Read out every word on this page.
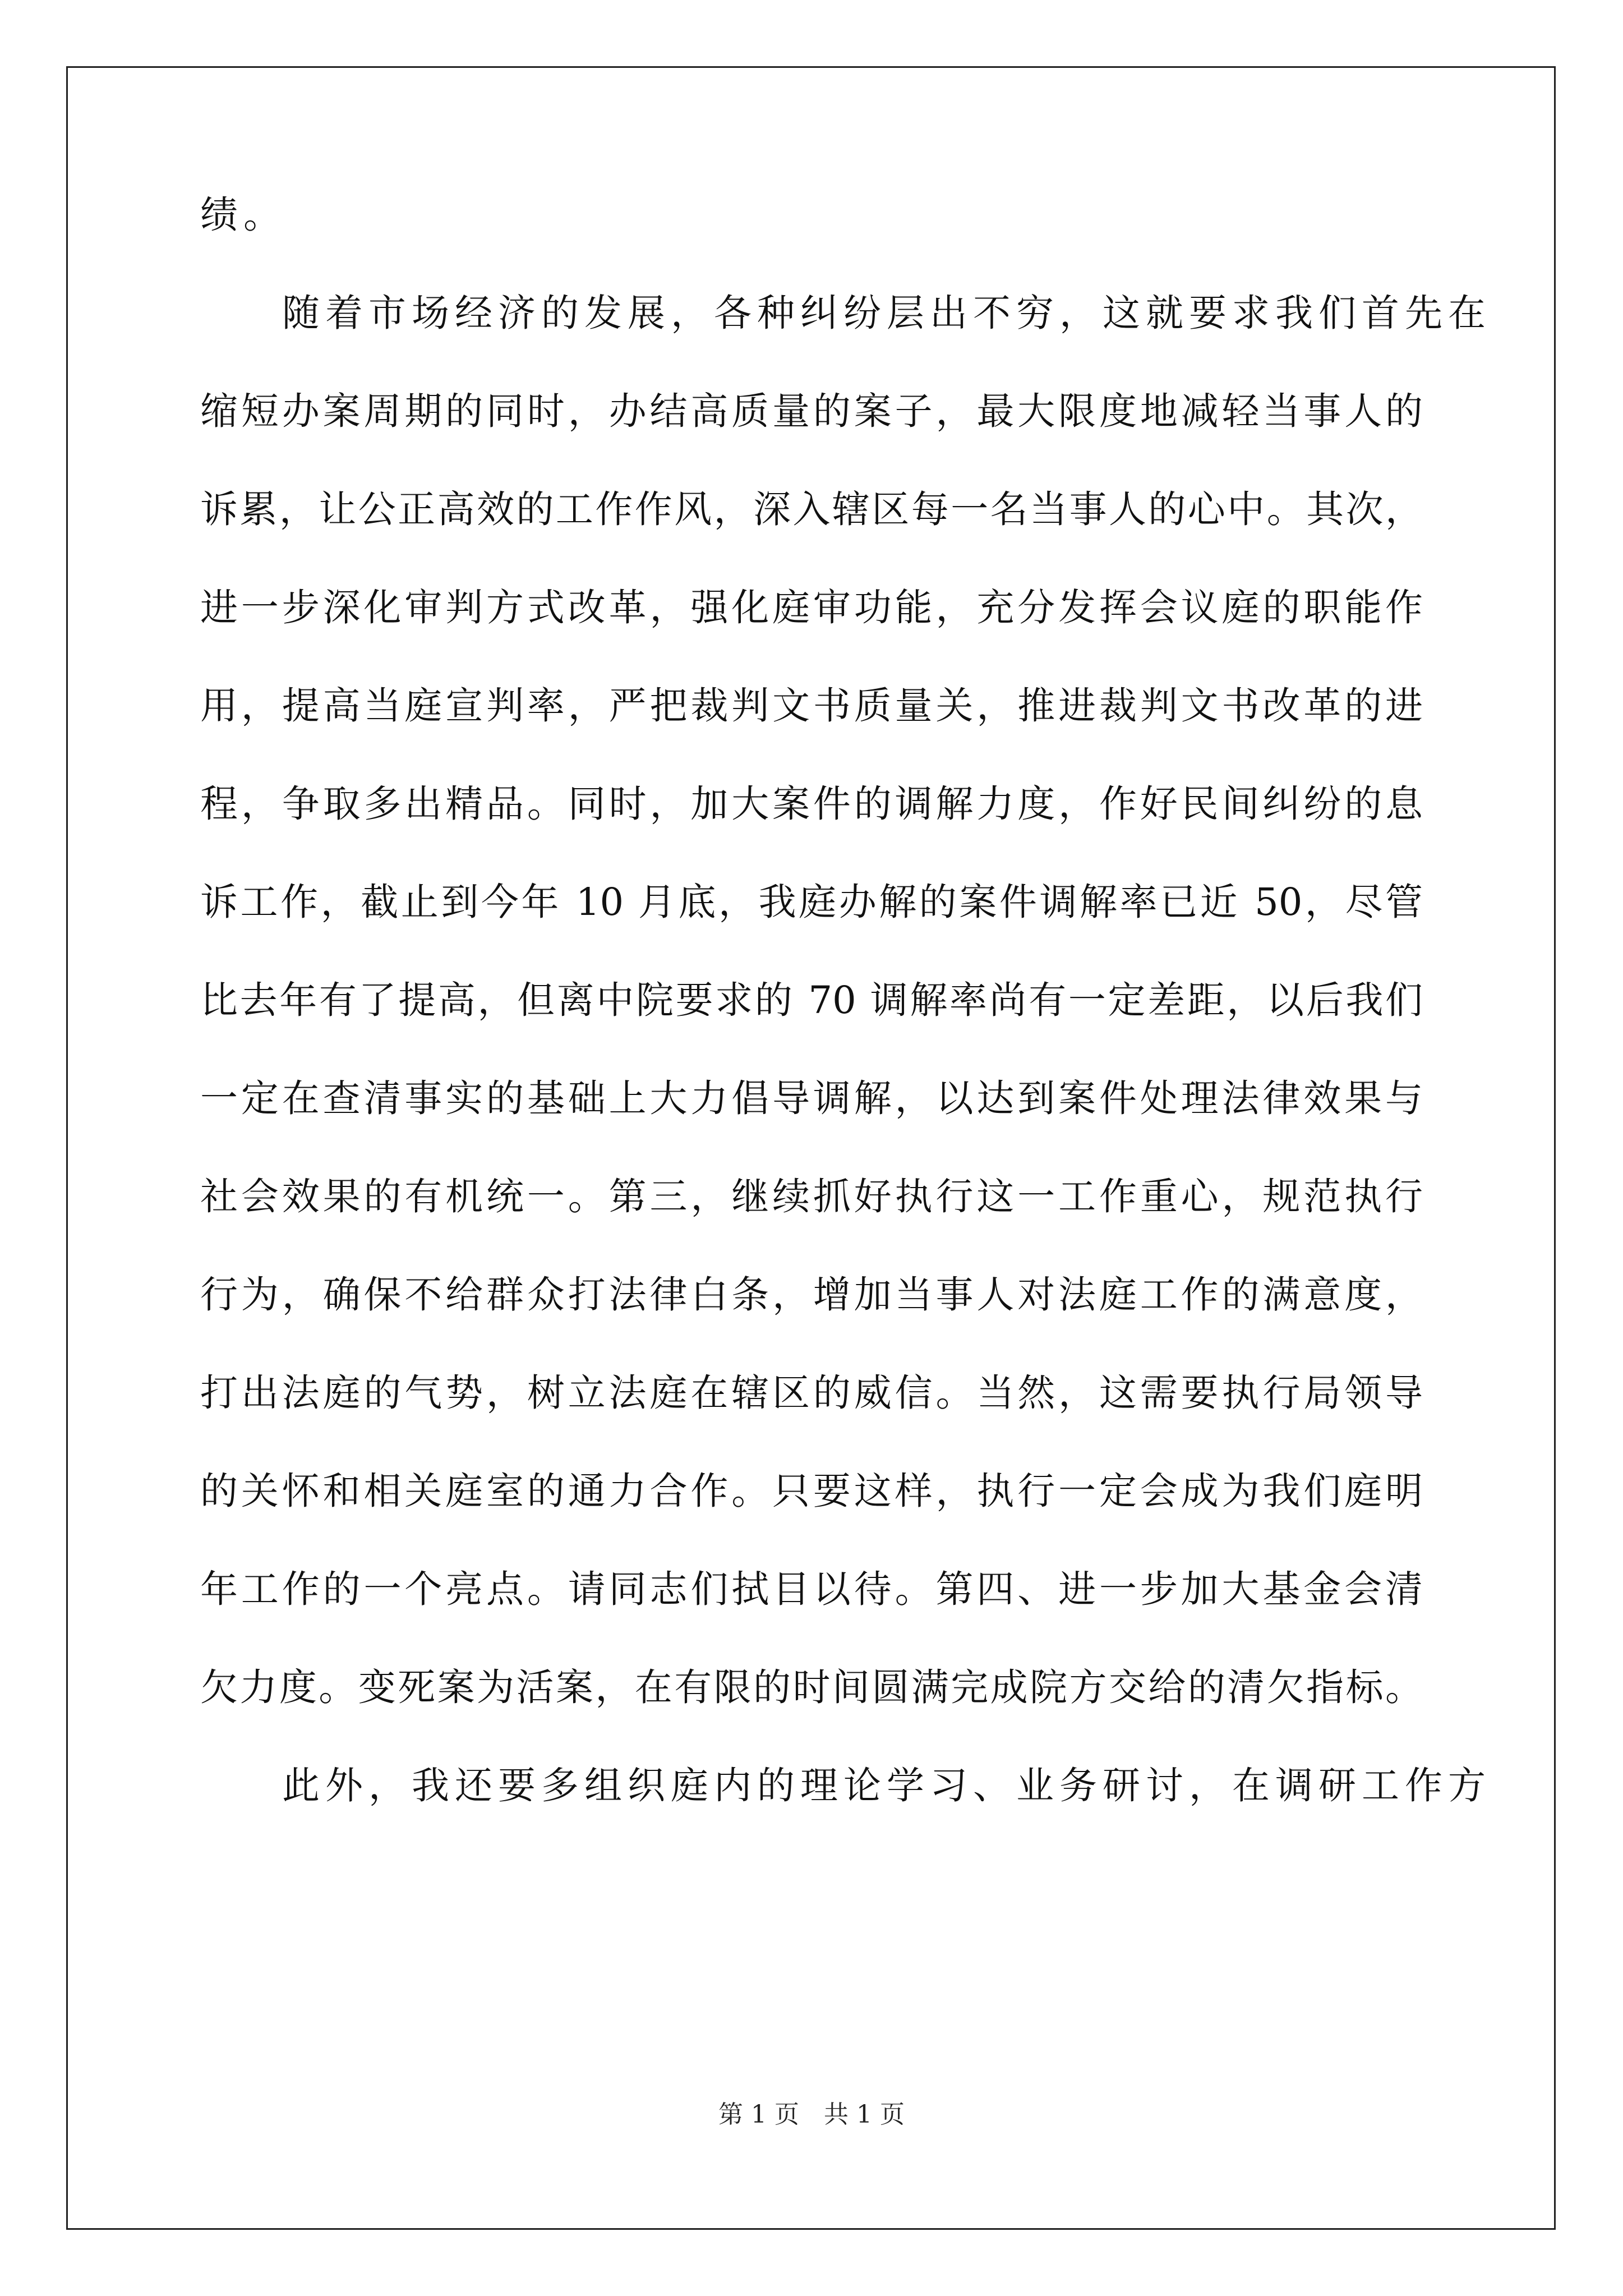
绩。
随着市场经济的发展，各种纠纷层出不穷，这就要求我们首先在
缩短办案周期的同时，办结高质量的案子，最大限度地减轻当事人的
诉累，让公正高效的工作作风，深入辖区每一名当事人的心中。其次，
进一步深化审判方式改革，强化庭审功能，充分发挥会议庭的职能作
用，提高当庭宣判率，严把裁判文书质量关，推进裁判文书改革的进
程，争取多出精品。同时，加大案件的调解力度，作好民间纠纷的息
诉工作，截止到今年 10 月底，我庭办解的案件调解率已近 50，尽管
比去年有了提高，但离中院要求的 70 调解率尚有一定差距，以后我们
一定在查清事实的基础上大力倡导调解，以达到案件处理法律效果与
社会效果的有机统一。第三，继续抓好执行这一工作重心，规范执行
行为，确保不给群众打法律白条，增加当事人对法庭工作的满意度，
打出法庭的气势，树立法庭在辖区的威信。当然，这需要执行局领导
的关怀和相关庭室的通力合作。只要这样，执行一定会成为我们庭明
年工作的一个亮点。请同志们拭目以待。第四、进一步加大基金会清
欠力度。变死案为活案，在有限的时间圆满完成院方交给的清欠指标。
此外，我还要多组织庭内的理论学习、业务研讨，在调研工作方
第 1 页 共 1 页
